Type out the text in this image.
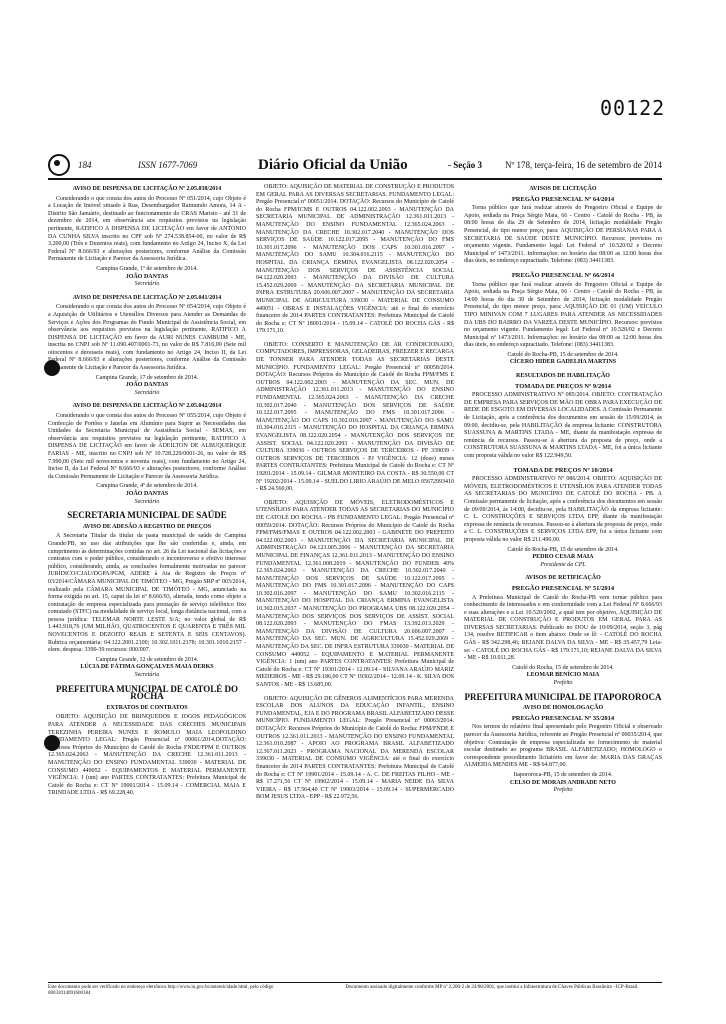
00122
184	ISSN 1677-7069	Diário Oficial da União	- Seção 3	Nº 178, terça-feira, 16 de setembro de 2014
AVISO DE DISPENSA DE LICITAÇÃO Nº 2.05.038/2014
Considerando o que consta dos autos do Processo Nº 051/2014, cujo Objeto é a Locação de Imóvel situado à Rua, Desembargador Raimundo Amora, 14 A - Distrito São Januário, destinado ao funcionamento do CRAS Maristo - até 31 de dezembro de 2014, em observância aos requisitos previstos na legislação pertinente, RATIFICO A DISPENSA DE LICITAÇÃO em favor de ANTONIO DA CUNHA SILVA inscrito no CPF sob Nº 274.538.854-00, no valor de R$ 3.200,00 (Três e Duzentos reais), com fundamento no Artigo 24, Inciso X, da Lei Federal Nº 8.666/93 e alterações posteriores, conforme Análise da Comissão Permanente de Licitação e Parecer da Assessoria Jurídica.
Campina Grande, 1º de setembro de 2014.
JOÃO DANTAS
Secretário
AVISO DE DISPENSA DE LICITAÇÃO Nº 2.05.041/2014
Considerando o que consta dos autos do Processo Nº 054/2014, cujo Objeto é a Aquisição de Utilitários e Utensílios Diversos para Atender as Demandas de Serviços e Ações dos Programas do Fundo Municipal de Assistência Social, em observância aos requisitos previstos na legislação pertinente, RATIFICO A DISPENSA DE LICITAÇÃO em favor da AURI NUNES CAMBUIM - ME, inscrita no CNPJ sob Nº 11.090.407/0001-73, no valor de R$ 7.816,00 (Sete mil oitocentos e dezesseis reais), com fundamento no Artigo 24, Inciso II, da Lei Federal Nº 8.666/93 e alterações posteriores, conforme Análise da Comissão Permanente de Licitação e Parecer da Assessoria Jurídica.
Campina Grande, 17 de setembro de 2014.
JOÃO DANTAS
Secretário
AVISO DE DISPENSA DE LICITAÇÃO Nº 2.05.042/2014
Considerando o que consta dos autos do Processo Nº 055/2014, cujo Objeto é Confecção de Portões e Janelas em Alumínio para Suprir as Necessidades das Unidades da Secretaria Municipal de Assistência Social - SEMAS, em observância aos requisitos previstos na legislação pertinente, RATIFICO A DISPENSA DE LICITAÇÃO em favor de ADEILTON DE ALBUQUERQUE FARIAS - ME, inscrito no CNPJ sob Nº 10.728.229/0001-26, no valor de R$ 7.990,00 (Sete mil novecentos e noventa reais), com fundamento no Artigo 24, Inciso II, da Lei Federal Nº 8.666/93 e alterações posteriores, conforme Análise da Comissão Permanente de Licitação e Parecer da Assessoria Jurídica.
Campina Grande, 4º de setembro de 2014.
JOÃO DANTAS
Secretário
SECRETARIA MUNICIPAL DE SAÚDE
AVISO DE ADESÃO A REGISTRO DE PREÇOS
A Secretaria Titular da titular da pasta municipal de saúde de Campina Grande/PB, no uso das atribuições que lhe são conferidas e, ainda, em cumprimento às determinações contidas no art. 26 da Lei nacional das licitações e contratos com o poder público, considerando o incontroverso e efetivo interesse público, considerando, ainda, as conclusões formalmente motivadas no parecer JURÍDICO/CJAU/DGPA/PGM, ADERE à Ata de Registro de Preços nº 03/2014/CÂMARA MUNICIPAL DE TIMÓTEO - MG, Pregão SRP nº 003/2014, realizado pela CÂMARA MUNICIPAL DE TIMÓTEO - MG, anunciado na forma exigida no art. 15, caput da lei nº 8.666/93, alterada, tendo como objeto a contratação de empresa especializada para prestação de serviço telefônico fixo comutado (STFC) na modalidade de serviço local, longa distância nacional, com a pessoa jurídica: TELEMAR NORTE LESTE S/A; no valor global de R$ 1.443.918,76 (UM MILHÃO, QUATROCENTOS E QUARENTA E TRÊS MIL NOVECENTOS E DEZOITO REAIS E SETENTA E SEIS CENTAVOS). Rubrica orçamentária: 04.122.2001.2100; 10.302.1011.2178; 10.301.1010.2157 - elem. despesa: 3390-39 recursos: 000/007.
Campina Grande, 12 de setembro de 2014.
LÚCIA DE FÁTIMA GONÇALVES MAIA DERKS
Secretária
PREFEITURA MUNICIPAL DE CATOLÉ DO ROCHA
EXTRATOS DE CONTRATOS
OBJETO: AQUISIÇÃO DE BRINQUEDOS E JOGOS PEDAGÓGICOS PARA ATENDER A NECESSIDADE DAS CRECHES MUNICIPAIS TEREZINHA PEREIRA NUNES E ROMULO MAIA LEOPOLDINO FUNDAMENTO LEGAL: Pregão Presencial nº 00061/2014.DOTAÇÃO: Recursos Próprios do Município de Catolé do Rocha FNDE/FPM E OUTROS 12.365.024.2063 - MANUTENÇÃO DA CRECHE 12.361.011.2013 - MANUTENÇÃO DO ENSINO FUNDAMENTAL 339030 - MATERIAL DE CONSUMO 449052 - EQUIPAMENTOS E MATERIAL PERMANENTE VIGÊNCIA: I (um) ano PARTES CONTRATANTES: Prefeitura Municipal de Catolé do Rocha e: CT Nº 19001/2014 - 15.09.14 - COMERCIAL MAIA E TRINDADE LTDA - R$ 69.228,40.
OBJETO: AQUISIÇÃO DE MATERIAL DE CONSTRUÇÃO E PRODUTOS EM GERAL PARA AS DIVERSAS SECRETARIAS. FUNDAMENTO LEGAL: Pregão Presencial nº 00051/2014. DOTAÇÃO: Recursos do Município de Catolé do Rocha FPM/ICMS E OUTROS 04.122.002.2003 - MANUTENÇÃO DA SECRETARIA MUNICIPAL DE ADMINISTRAÇÃO 12.361.011.2013 - MANUTENÇÃO DO ENSINO FUNDAMENTAL 12.365.024.2063 - MANUTENÇÃO DA CRECHE 10.302.017.2040 - MANUTENÇÃO DOS SERVIÇOS DE SAÚDE 10.122.017.2095 - MANUTENÇÃO DO FMS 10.301.017.2096 - MANUTENÇÃO DOS CAPS 10.301.016.2097 - MANUTENÇÃO DO SAMU 10.304.016.2115 - MANUTENÇÃO DO HOSPITAL DA CRIANÇA ERMINA EVANGELISTA 08.122.020.2054 - MANUTENÇÃO DOS SERVIÇOS DE ASSISTÊNCIA SOCIAL 04.122.020.2093 - MANUTENÇÃO DA DIVISÃO DE CULTURA 15.452.029.2069 - MANUTENÇÃO DA SECRETARIA MUNICIPAL DE INFRA ESTRUTURA 20.606.007.2007 - MANUTENÇÃO DA SECRETARIA MUNICIPAL DE AGRICULTURA 339030 - MATERIAL DE CONSUMO 449051 - OBRAS E INSTALAÇÕES VIGÊNCIA: até o final do exercício financeiro de 2014 PARTES CONTRATANTES: Prefeitura Municipal de Catolé do Rocha e: CT Nº 18001/2014 - 15.09.14 - CATOLÉ DO ROCHA GÁS - R$ 179.171,10.
OBJETO: CONSERTO E MANUTENÇÃO DE AR CONDICIONADO, COMPUTADORES, IMPRESSORAS, GELADEIRAS, FREEZER E RECARGA DE TONNER PARA ATENDER TODAS AS SECRETARIAS DESTE MUNICÍPIO. FUNDAMENTO LEGAL: Pregão Presencial nº 00058/2014. DOTAÇÃO: Recursos Próprios do Município de Catolé do Rocha FPM/FMS E OUTROS 04.122.002.2003 - MANUTENÇÃO DA SEC. MUN. DE ADMINISTRAÇÃO 12.361.011.2013 - MANUTENÇÃO DO ENSINO FUNDAMENTAL 12.365.024.2063 - MANUTENÇÃO DA CRECHE 10.302.017.2040 - MANUTENÇÃO DOS SERVIÇOS DE SAÚDE 10.122.017.2095 - MANUTENÇÃO DO FMS 10.301.017.2096 - MANUTENÇÃO DO CAPS 10.302.016.2097 - MANUTENÇÃO DO SAMU 10.304.016.2115 - MANUTENÇÃO DO HOSPITAL DA CRIANÇA ERMINA EVANGELISTA 08.122.020.2054 - MANUTENÇÃO DOS SERVIÇOS DE ASSIST. SOCIAL 04.122.020.2093 - MANUTENÇÃO DA DIVISÃO DE CULTURA 339036 - OUTROS SERVIÇOS DE TERCEIROS - PF 339039 - OUTROS SERVIÇOS DE TERCEIROS - PJ VIGÊNCIA: 12 (doze) meses PARTES CONTRATANTES: Prefeitura Municipal de Catolé do Rocha e: CT Nº 19201/2014 - 15.09.14 - GILMAR MONTEIRO DA COSTA - R$ 30.550,00 CT Nº 19202/2014 - 15.09.14 - SUELDO LIRIO ARAÚJO DE MELO 05672993410 - R$ 24.560,00.
OBJETO: AQUISIÇÃO DE MÓVEIS, ELETRODOMÉSTICOS E UTENSÍLIOS PARA ATENDER TODAS AS SECRETARIAS DO MUNICÍPIO DE CATOLÉ DO ROCHA - PB FUNDAMENTO LEGAL: Pregão Presencial nº 00059/2014. DOTAÇÃO: Recursos Próprios do Município de Catolé do Rocha FPM/FMS/FMAS E OUTROS 04.122.002.2003 - GABINETE DO PREFEITO 04.122.002.2003 - MANUTENÇÃO DA SECRETARIA MUNICIPAL DE ADMINISTRAÇÃO 04.123.005.2006 - MANUTENÇÃO DA SECRETARIA MUNICIPAL DE FINANÇAS 12.361.011.2013 - MANUTENÇÃO DO ENSINO FUNDAMENTAL 12.361.008.2019 - MANUTENÇÃO DO FUNDEB 40% 12.365.024.2063 - MANUTENÇÃO DA CRECHE 10.302.017.2040 - MANUTENÇÃO DOS SERVIÇOS DE SAÚDE 10.122.017.2095 - MANUTENÇÃO DO FMS 10.301.017.2096 - MANUTENÇÃO DO CAPS 10.302.016.2097 - MANUTENÇÃO DO SAMU 10.302.016.2115 - MANUTENÇÃO DO HOSPITAL DA CRIANÇA ERMINA EVANGELISTA 10.302.015.2037 - MANUTENÇÃO DO PROGRAMA UBS 08.122.020.2054 - MANUTENÇÃO DOS SERVIÇOS DOS SERVIÇOS DE ASSIST. SOCIAL 08.122.020.2093 - MANUTENÇÃO DO FMAS 13.392.013.2029 - MANUTENÇÃO DA DIVISÃO DE CULTURA 20.606.007.2007 - MANUTENÇÃO DA SEC. MUN. DE AGRICULTURA 15.452.029.2069 - MANUTENÇÃO DA SEC. DE INFRA ESTRUTURA 339030 - MATERIAL DE CONSUMO 449052 - EQUIPAMENTO E MATERIAL PERMANENTE VIGÊNCIA: 1 (um) ano PARTES CONTRATANTES: Prefeitura Municipal de Catolé do Rocha e: CT Nº 19301/2014 - 12.09.14 - SILVANA ARAÚJO MARIZ MEDEIROS - ME - R$ 29.186,00 CT Nº 19302/2014 - 12.09.14 - K. SILVA DOS SANTOS - ME - R$ 13.685,00.
OBJETO: AQUISIÇÃO DE GÊNEROS ALIMENTÍCIOS PARA MERENDA ESCOLAR DOS ALUNOS DA EDUCAÇÃO INFANTIL, ENSINO FUNDAMENTAL, EJA E DO PROGRAMA BRASIL ALFABETIZADO DESSE MUNICÍPIO. FUNDAMENTO LEGAL: Pregão Presencial nº 00063/2014. DOTAÇÃO: Recursos Próprios do Município de Catolé do Rocha: FPM/FNDE E OUTROS 12.361.011.2013 - MANUTENÇÃO DO ENSINO FUNDAMENTAL 12.361.010.2087 - APOIO AO PROGRAMA BRASIL ALFABETIZADO 12.367.011.2023 - PROGRAMA NACIONAL DA MERENDA ESCOLAR 339030 - MATERIAL DE CONSUMO VIGÊNCIA: até o final do exercício financeiro de 2014 PARTES CONTRATANTES: Prefeitura Municipal de Catolé do Rocha e: CT Nº 19901/2014 - 15.09.14 - A. C. DE FREITAS FILHO - ME - R$ 17.271,56 CT Nº 19902/2014 - 15.09.14 - MARIA NEIDE DA SILVA VIEIRA - R$ 17.564,40 CT Nº 19903/2014 - 15.09.14 - SUPERMERCADO BOM JESUS LTDA - EPP - R$ 22.972,56.
AVISOS DE LICITAÇÃO
PREGÃO PRESENCIAL Nº 64/2014
Torna público que fará realizar através do Pregoeiro Oficial e Equipe de Apoio, sediada na Praça Sérgio Maia, 66 - Centro - Catolé do Rocha - PB, às 08:00 horas do dia 29 de Setembro de 2014, licitação modalidade Pregão Presencial, do tipo menor preço, para: AQUISIÇÃO DE PERSIANAS PARA A SECRETARIA DE SAÚDE DESTE MUNICÍPIO. Recursos: previstos no orçamento vigente. Fundamento legal: Lei Federal nº 10.520/02 e Decreto Municipal nº 1473/2011. Informações: no horário das 08:00 as 12:00 horas dos dias úteis, no endereço supracitado. Telefone: (083) 34411383.
PREGÃO PRESENCIAL Nº 66/2014
Torna público que fará realizar através do Pregoeiro Oficial e Equipe de Apoio, sediada na Praça Sérgio Maia, 66 - Centro - Catolé do Rocha - PB, às 14:00 horas do dia 30 de Setembro de 2014, licitação modalidade Pregão Presencial, do tipo menor preço, para: AQUISIÇÃO DE 01 (UM) VEÍCULO TIPO MINIVAN COM 7 LUGARES PARA ATENDER AS NECESSIDADES DA UBS DO BAIRRO DA VARZEA DESTE MUNICÍPIO. Recursos: previstos no orçamento vigente. Fundamento legal: Lei Federal nº 10.520/02 e Decreto Municipal nº 1473/2011. Informações: no horário das 08:00 as 12:00 horas dos dias úteis, no endereço supracitado. Telefone: (083) 34411383.
Catolé do Rocha-PB, 15 de setembro de 2014.
CÍCERO HIDER GADELHA MARTINS
RESULTADOS DE HABILITAÇÃO
TOMADA DE PREÇOS Nº 9/2014
PROCESSO ADMINISTRATIVO Nº 085/2014. OBJETO: CONTRATAÇÃO DE EMPRESA PARA SERVIÇOS DE MÃO DE OBRA PARA EXECUÇÃO DE REDE DE ESGOTO EM DIVERSAS LOCALIDADES. A Comissão Permanente de Licitação, após a conferência dos documentos em sessão de 15/09/2014, às 09:00, decidiu-se, pela HABILITAÇÃO da empresa licitante: CONSTRUTORA SUASSUNA & MARTINS LTADA - ME, diante da manifestação expressa de renúncia de recursos. Passou-se à abertura da proposta de preço, onde a CONSTRUTORA SUASSUNA & MARTINS LTADA - ME, foi a única licitante com proposta válida no valor R$ 122.949,50.
TOMADA DE PREÇOS Nº 10/2014
PROCESSO ADMINISTRATIVO Nº 086/2014. OBJETO: AQUISIÇÃO DE MÓVEIS, ELETRODOMÉSTICOS E UTENSÍLIOS PARA ATENDER TODAS AS SECRETARIAS DO MUNICÍPIO DE CATOLÉ DO ROCHA - PB. A Comissão permanente de licitação, após a conferência dos documentos em sessão de 09/09/2014, às 14:00, decidiu-se, pela HABILITAÇÃO da empresa licitante: C. L. CONSTRUÇÕES E SERVIÇOS LTDA EPP, diante da manifestação expressa de renúncia de recursos. Passou-se à abertura da proposta de preço, onde a C. L. CONSTRUÇÕES E SERVIÇOS LTDA EPP, foi a única licitante com proposta válida no valor R$ 211.490,00.
Catolé do Rocha-PB, 15 de setembro de 2014.
PEDRO CESAR MAIA
Presidente da CPL
AVISOS DE RETIFICAÇÃO
PREGÃO PRESENCIAL Nº 51/2014
A Prefeitura Municipal de Catolé do Rocha-PB vem tornar público para conhecimento de interessados e em conformidade com a Lei Federal Nº 8.666/93 e suas alterações e a Lei 10.520/2002, a qual tem por objetivo, AQUISIÇÃO DE MATERIAL DE CONSTRUÇÃO E PRODUTOS EM GERAL PARA AS DIVERSAS SECRETARIAS. Publicado no DOU de 10/09/2014, seção 3, pág 134, resolve RETIFICAR o item abaixo: Onde se lê: - CATOLÉ DO ROCHA GÁS - R$ 342.298,46; REJANE DALVA DA SILVA - ME - R$ 35.457,79 Leia-se: - CATOLÉ DO ROCHA GÁS - R$ 179.171,10; REJANE DALVA DA SILVA - ME - R$ 10.011,28.
Catolé do Rocha, 15 de setembro de 2014.
LEOMAR BENÍCIO MAIA
Prefeito
PREFEITURA MUNICIPAL DE ITAPOROROCA
AVISO DE HOMOLOGAÇÃO
PREGÃO PRESENCIAL Nº 35/2014
Nos termos do relatório final apresentado pelo Pregoeiro Oficial e observado parecer da Assessoria Jurídica, referente ao Pregão Presencial nº 00035/2014, que objetiva: Contratação de empresa especializada no fornecimento de material escolar destinado ao programa BRASIL ALFABETIZADO; HOMOLOGO o correspondente procedimento licitatório em favor de: MARIA DAS GRAÇAS ALMEIDA MENDES ME - R$ 64.877,00.
Itapororoca-PB, 15 de setembro de 2014.
CELSO DE MORAIS ANDRADE NETO
Prefeito
Este documento pode ser verificado no endereço eletrônico http://www.in.gov.br/autenticidade.html, pelo código 00032014091600184
Documento assinado digitalmente conforme MP nº 2.200-2 de 24/08/2001, que institui a Infraestrutura de Chaves Públicas Brasileira - ICP-Brasil.
